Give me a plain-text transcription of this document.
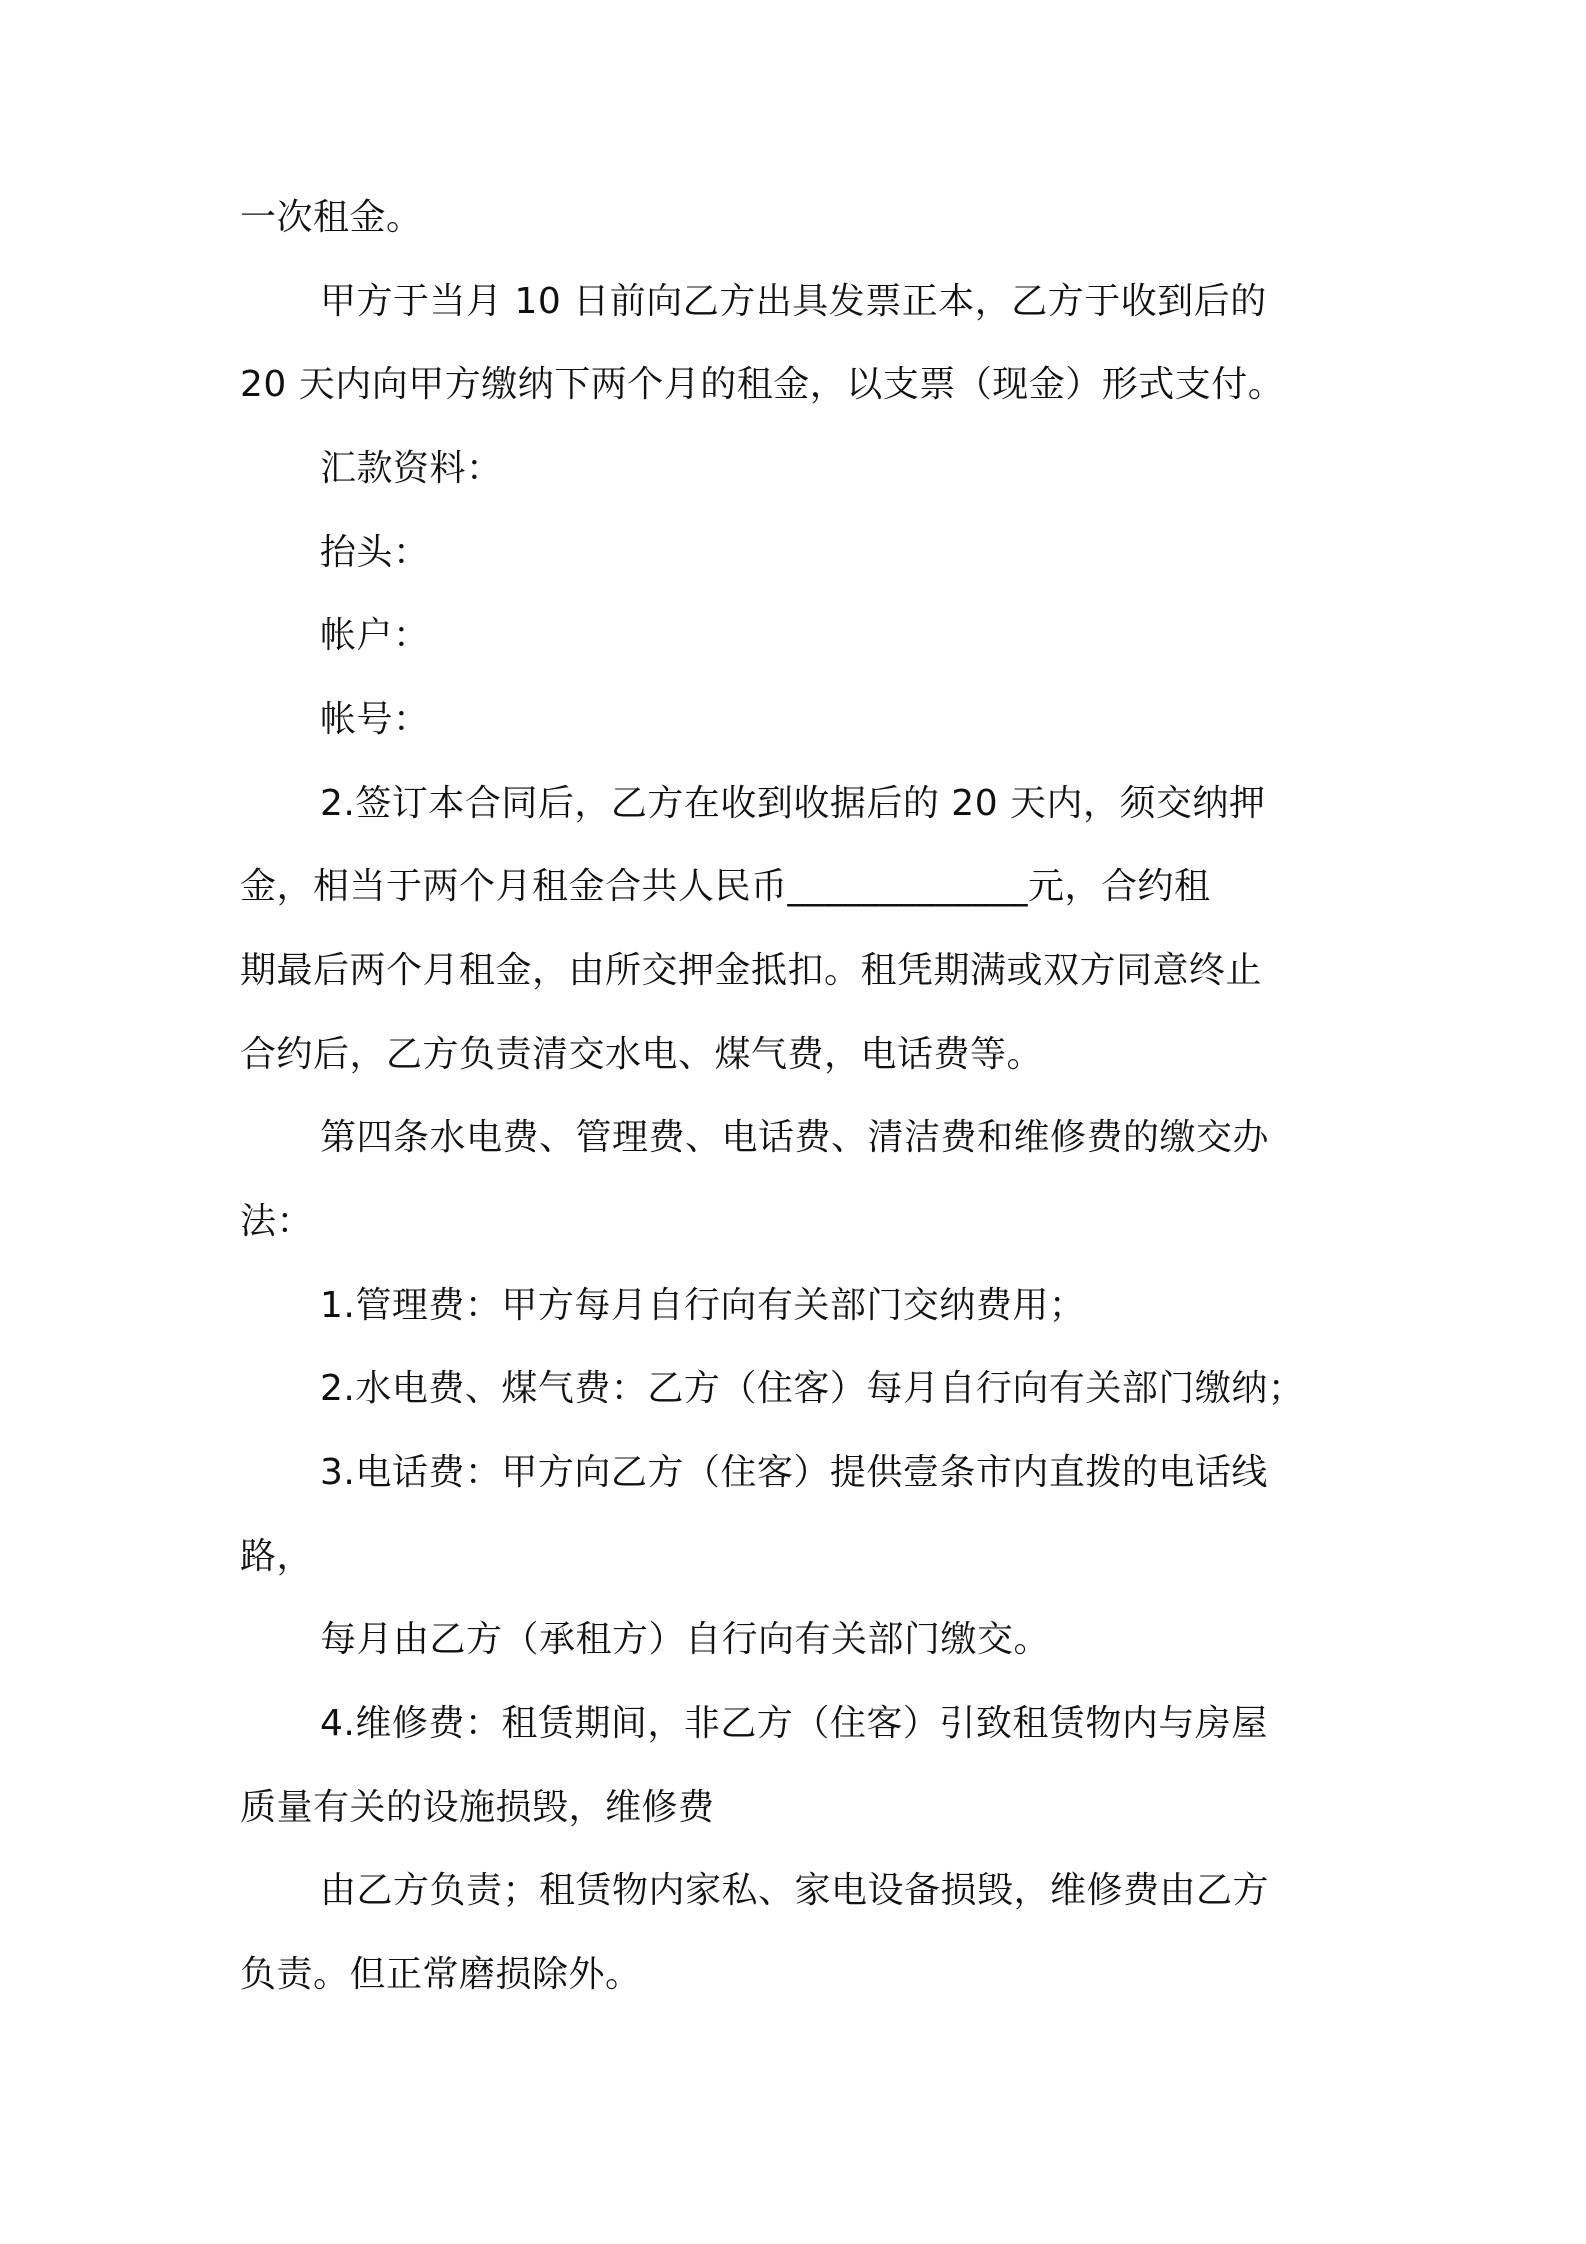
一次租金。
甲方于当月 10 日前向乙方出具发票正本，乙方于收到后的
20 天内向甲方缴纳下两个月的租金，以支票（现金）形式支付。
汇款资料：
抬头：
帐户：
帐号：
2.签订本合同后，乙方在收到收据后的 20 天内，须交纳押
金，相当于两个月租金合共人民币_____________元，合约租
期最后两个月租金，由所交押金抵扣。租凭期满或双方同意终止
合约后，乙方负责清交水电、煤气费，电话费等。
第四条水电费、管理费、电话费、清洁费和维修费的缴交办
法：
1.管理费：甲方每月自行向有关部门交纳费用；
2.水电费、煤气费：乙方（住客）每月自行向有关部门缴纳；
3.电话费：甲方向乙方（住客）提供壹条市内直拨的电话线
路，
每月由乙方（承租方）自行向有关部门缴交。
4.维修费：租赁期间，非乙方（住客）引致租赁物内与房屋
质量有关的设施损毁，维修费
由乙方负责；租赁物内家私、家电设备损毁，维修费由乙方
负责。但正常磨损除外。
